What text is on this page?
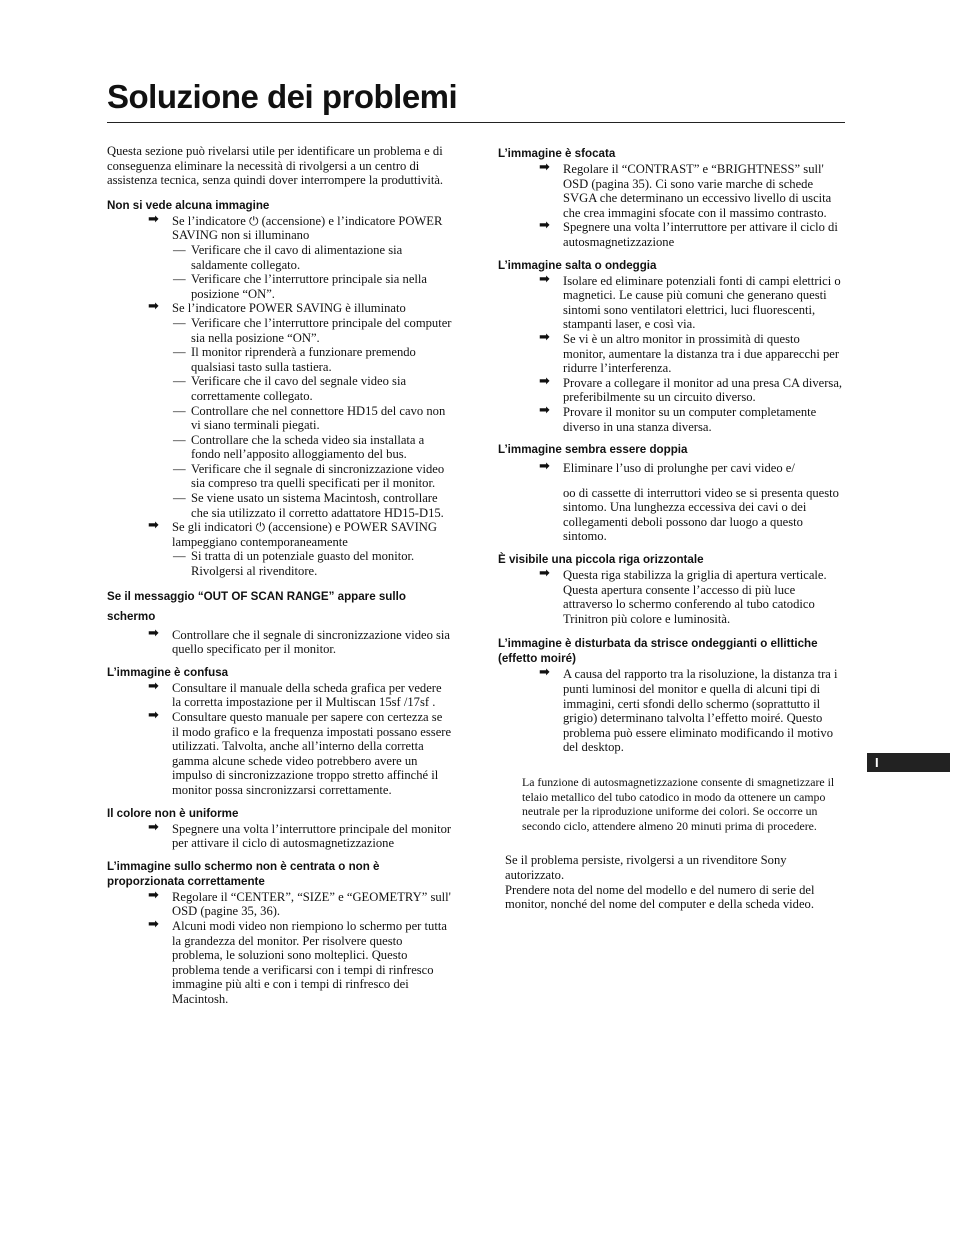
Soluzione dei problemi

Questa sezione può rivelarsi utile per identificare un problema e di conseguenza eliminare la necessità di rivolgersi a un centro di assistenza tecnica, senza quindi dover interrompere la produttività.

Non si vede alcuna immagine

➡ Se l’indicatore ⏻ (accensione) e l’indicatore POWER SAVING non si illuminano

— Verificare che il cavo di alimentazione sia saldamente collegato.

— Verificare che l’interruttore principale sia nella posizione “ON”.

➡ Se l’indicatore POWER SAVING è illuminato

— Verificare che l’interruttore principale del computer sia nella posizione “ON”.

— Il monitor riprenderà a funzionare premendo qualsiasi tasto sulla tastiera.

— Verificare che il cavo del segnale video sia correttamente collegato.

— Controllare che nel connettore HD15 del cavo non vi siano terminali piegati.

— Controllare che la scheda video sia installata a fondo nell’apposito alloggiamento del bus.

— Verificare che il segnale di sincronizzazione video sia compreso tra quelli specificati per il monitor.

— Se viene usato un sistema Macintosh, controllare che sia utilizzato il corretto adattatore HD15-D15.

➡ Se gli indicatori ⏻ (accensione) e POWER SAVING lampeggiano contemporaneamente

— Si tratta di un potenziale guasto del monitor. Rivolgersi al rivenditore.

Se il messaggio “OUT OF SCAN RANGE” appare sullo schermo

➡ Controllare che il segnale di sincronizzazione video sia quello specificato per il monitor.

L’immagine è confusa

➡ Consultare il manuale della scheda grafica per vedere la corretta impostazione per il Multiscan 15sf /17sf .

➡ Consultare questo manuale per sapere con certezza se il modo grafico e la frequenza impostati possano essere utilizzati. Talvolta, anche all’interno della corretta gamma alcune schede video potrebbero avere un impulso di sincronizzazione troppo stretto affinché il monitor possa sincronizzarsi correttamente.

Il colore non è uniforme

➡ Spegnere una volta l’interruttore principale del monitor per attivare il ciclo di autosmagnetizzazione

L’immagine sullo schermo non è centrata o non è proporzionata correttamente

➡ Regolare il “CENTER”, “SIZE” e “GEOMETRY” sull' OSD (pagine 35, 36).

➡ Alcuni modi video non riempiono lo schermo per tutta la grandezza del monitor. Per risolvere questo problema, le soluzioni sono molteplici. Questo problema tende a verificarsi con i tempi di rinfresco immagine più alti e con i tempi di rinfresco dei Macintosh.

L’immagine è sfocata

➡ Regolare il “CONTRAST” e “BRIGHTNESS” sull' OSD (pagina 35). Ci sono varie marche di schede SVGA che determinano un eccessivo livello di uscita che crea immagini sfocate con il massimo contrasto.

➡ Spegnere una volta l’interruttore per attivare il ciclo di autosmagnetizzazione

L’immagine salta o ondeggia

➡ Isolare ed eliminare potenziali fonti di campi elettrici o magnetici. Le cause più comuni che generano questi sintomi sono ventilatori elettrici, luci fluorescenti, stampanti laser, e così via.

➡ Se vi è un altro monitor in prossimità di questo monitor, aumentare la distanza tra i due apparecchi per ridurre l’interferenza.

➡ Provare a collegare il monitor ad una presa CA diversa, preferibilmente su un circuito diverso.

➡ Provare il monitor su un computer completamente diverso in una stanza diversa.

L’immagine sembra essere doppia

➡ Eliminare l’uso di prolunghe per cavi video e/

oo di cassette di interruttori video se si presenta questo sintomo. Una lunghezza eccessiva dei cavi o dei collegamenti deboli possono dar luogo a questo sintomo.

È visibile una piccola riga orizzontale

➡ Questa riga stabilizza la griglia di apertura verticale. Questa apertura consente l’accesso di più luce attraverso lo schermo conferendo al tubo catodico Trinitron più colore e luminosità.

L’immagine è disturbata da strisce ondeggianti o ellittiche (effetto moiré)

➡ A causa del rapporto tra la risoluzione, la distanza tra i punti luminosi del monitor e quella di alcuni tipi di immagini, certi sfondi dello schermo (soprattutto il grigio) determinano talvolta l’effetto moiré. Questo problema può essere eliminato modificando il motivo del desktop.

La funzione di autosmagnetizzazione consente di smagnetizzare il telaio metallico del tubo catodico in modo da ottenere un campo neutrale per la riproduzione uniforme dei colori. Se occorre un secondo ciclo, attendere almeno 20 minuti prima di procedere.

Se il problema persiste, rivolgersi a un rivenditore Sony autorizzato.
Prendere nota del nome del modello e del numero di serie del monitor, nonché del nome del computer e della scheda video.

I
